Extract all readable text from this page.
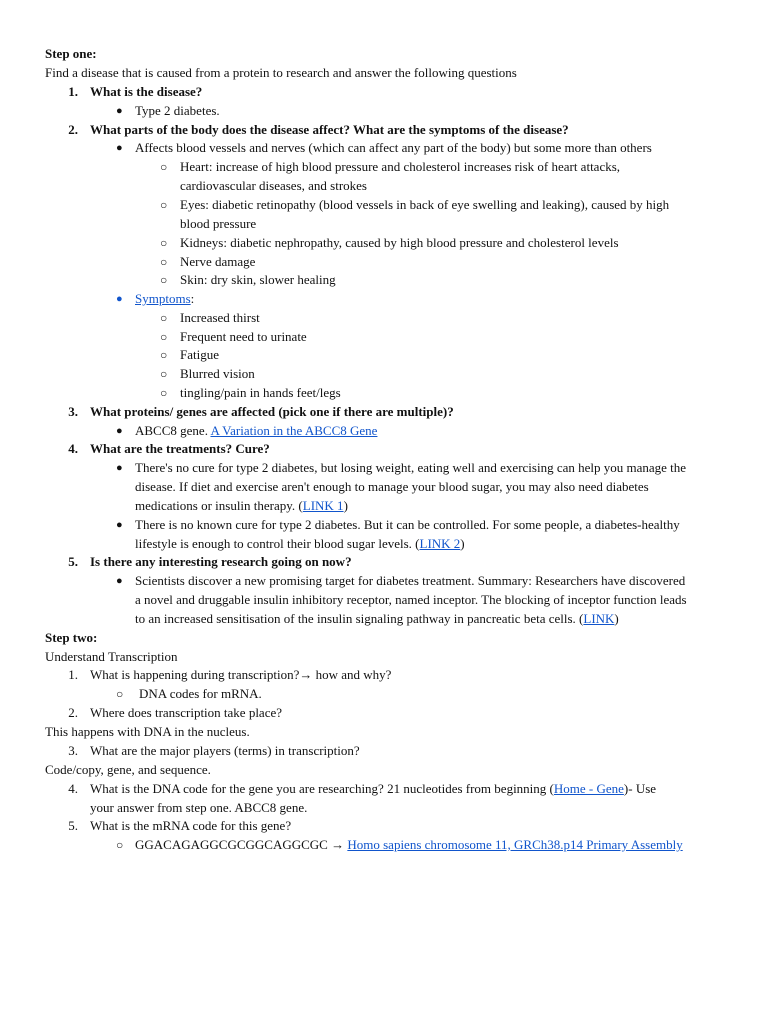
Step one:
Find a disease that is caused from a protein to research and answer the following questions
1. What is the disease?
● Type 2 diabetes.
2. What parts of the body does the disease affect? What are the symptoms of the disease?
● Affects blood vessels and nerves (which can affect any part of the body) but some more than others
○ Heart: increase of high blood pressure and cholesterol increases risk of heart attacks,
cardiovascular diseases, and strokes
○ Eyes: diabetic retinopathy (blood vessels in back of eye swelling and leaking), caused by high
blood pressure
○ Kidneys: diabetic nephropathy, caused by high blood pressure and cholesterol levels
○ Nerve damage
○ Skin: dry skin, slower healing
● Symptoms:
○ Increased thirst
○ Frequent need to urinate
○ Fatigue
○ Blurred vision
○ tingling/pain in hands feet/legs
3. What proteins/ genes are affected (pick one if there are multiple)?
● ABCC8 gene. A Variation in the ABCC8 Gene
4. What are the treatments? Cure?
● There's no cure for type 2 diabetes, but losing weight, eating well and exercising can help you manage the
disease. If diet and exercise aren't enough to manage your blood sugar, you may also need diabetes
medications or insulin therapy. (LINK 1)
● There is no known cure for type 2 diabetes. But it can be controlled. For some people, a diabetes-healthy
lifestyle is enough to control their blood sugar levels. (LINK 2)
5. Is there any interesting research going on now?
● Scientists discover a new promising target for diabetes treatment. Summary: Researchers have discovered
a novel and druggable insulin inhibitory receptor, named inceptor. The blocking of inceptor function leads
to an increased sensitisation of the insulin signaling pathway in pancreatic beta cells. (LINK)
Step two:
Understand Transcription
1. What is happening during transcription?→ how and why?
○ DNA codes for mRNA.
2. Where does transcription take place?
This happens with DNA in the nucleus.
3. What are the major players (terms) in transcription?
Code/copy, gene, and sequence.
4. What is the DNA code for the gene you are researching? 21 nucleotides from beginning (Home - Gene)- Use
your answer from step one. ABCC8 gene.
5. What is the mRNA code for this gene?
○ GGACAGAGGCGCGGCAGGCGC → Homo sapiens chromosome 11, GRCh38.p14 Primary Assembly
